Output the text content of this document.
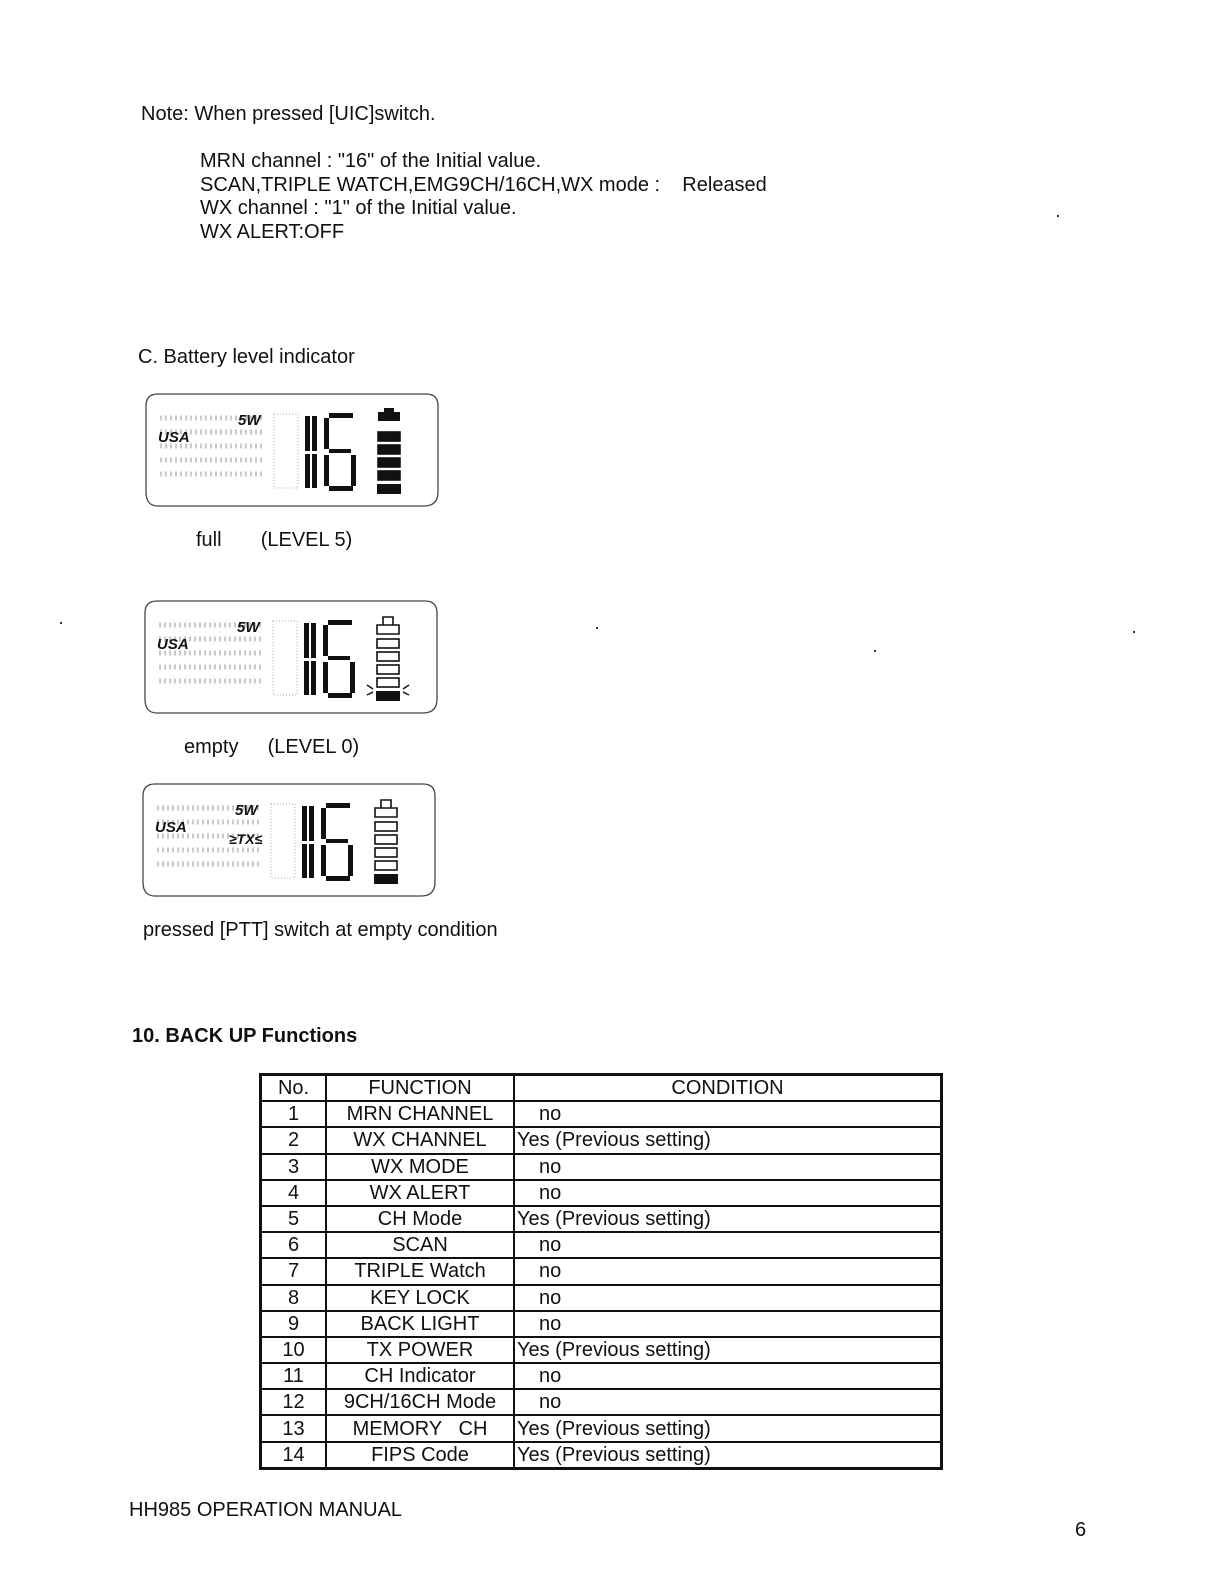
Note: When pressed [UIC]switch.
MRN channel : "16" of the Initial value.
SCAN,TRIPLE WATCH,EMG9CH/16CH,WX mode :    Released
WX channel : "1" of the Initial value.
WX ALERT:OFF
C. Battery level indicator
5W
USA
full (LEVEL 5)
5W
USA
empty (LEVEL 0)
5W
USA
≥TX≤
pressed [PTT] switch at empty condition
10. BACK UP Functions
No.	FUNCTION	CONDITION
1	MRN CHANNEL	no
2	WX CHANNEL	Yes (Previous setting)
3	WX MODE	no
4	WX ALERT	no
5	CH Mode	Yes (Previous setting)
6	SCAN	no
7	TRIPLE Watch	no
8	KEY LOCK	no
9	BACK LIGHT	no
10	TX POWER	Yes (Previous setting)
11	CH Indicator	no
12	9CH/16CH Mode	no
13	MEMORY   CH	Yes (Previous setting)
14	FIPS Code	Yes (Previous setting)
HH985 OPERATION MANUAL
6
